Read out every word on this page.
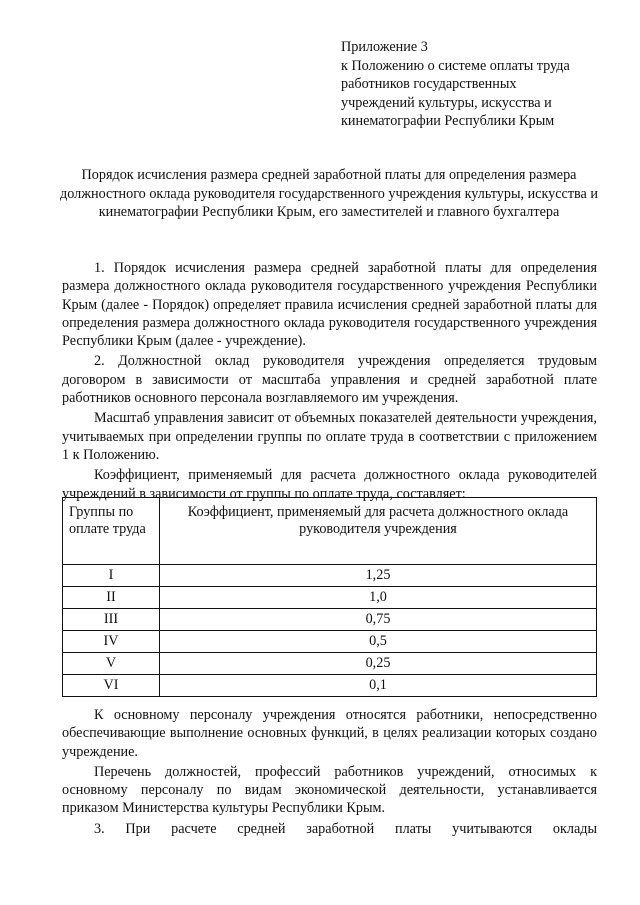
Приложение 3
к Положению о системе оплаты труда
работников государственных
учреждений культуры, искусства и
кинематографии Республики Крым
Порядок исчисления размера средней заработной платы для определения размера должностного оклада руководителя государственного учреждения культуры, искусства и кинематографии Республики Крым, его заместителей и главного бухгалтера

1. Порядок исчисления размера средней заработной платы для определения размера должностного оклада руководителя государственного учреждения Республики Крым (далее - Порядок) определяет правила исчисления средней заработной платы для определения размера должностного оклада руководителя государственного учреждения Республики Крым (далее - учреждение).

2. Должностной оклад руководителя учреждения определяется трудовым договором в зависимости от масштаба управления и средней заработной плате работников основного персонала возглавляемого им учреждения.

Масштаб управления зависит от объемных показателей деятельности учреждения, учитываемых при определении группы по оплате труда в соответствии с приложением 1 к Положению.

Коэффициент, применяемый для расчета должностного оклада руководителей учреждений в зависимости от группы по оплате труда, составляет:

Группы по оплате труда	Коэффициент, применяемый для расчета должностного оклада руководителя учреждения
I	1,25
II	1,0
III	0,75
IV	0,5
V	0,25
VI	0,1

К основному персоналу учреждения относятся работники, непосредственно обеспечивающие выполнение основных функций, в целях реализации которых создано учреждение.

Перечень должностей, профессий работников учреждений, относимых к основному персоналу по видам экономической деятельности, устанавливается приказом Министерства культуры Республики Крым.

3. При расчете средней заработной платы учитываются оклады
